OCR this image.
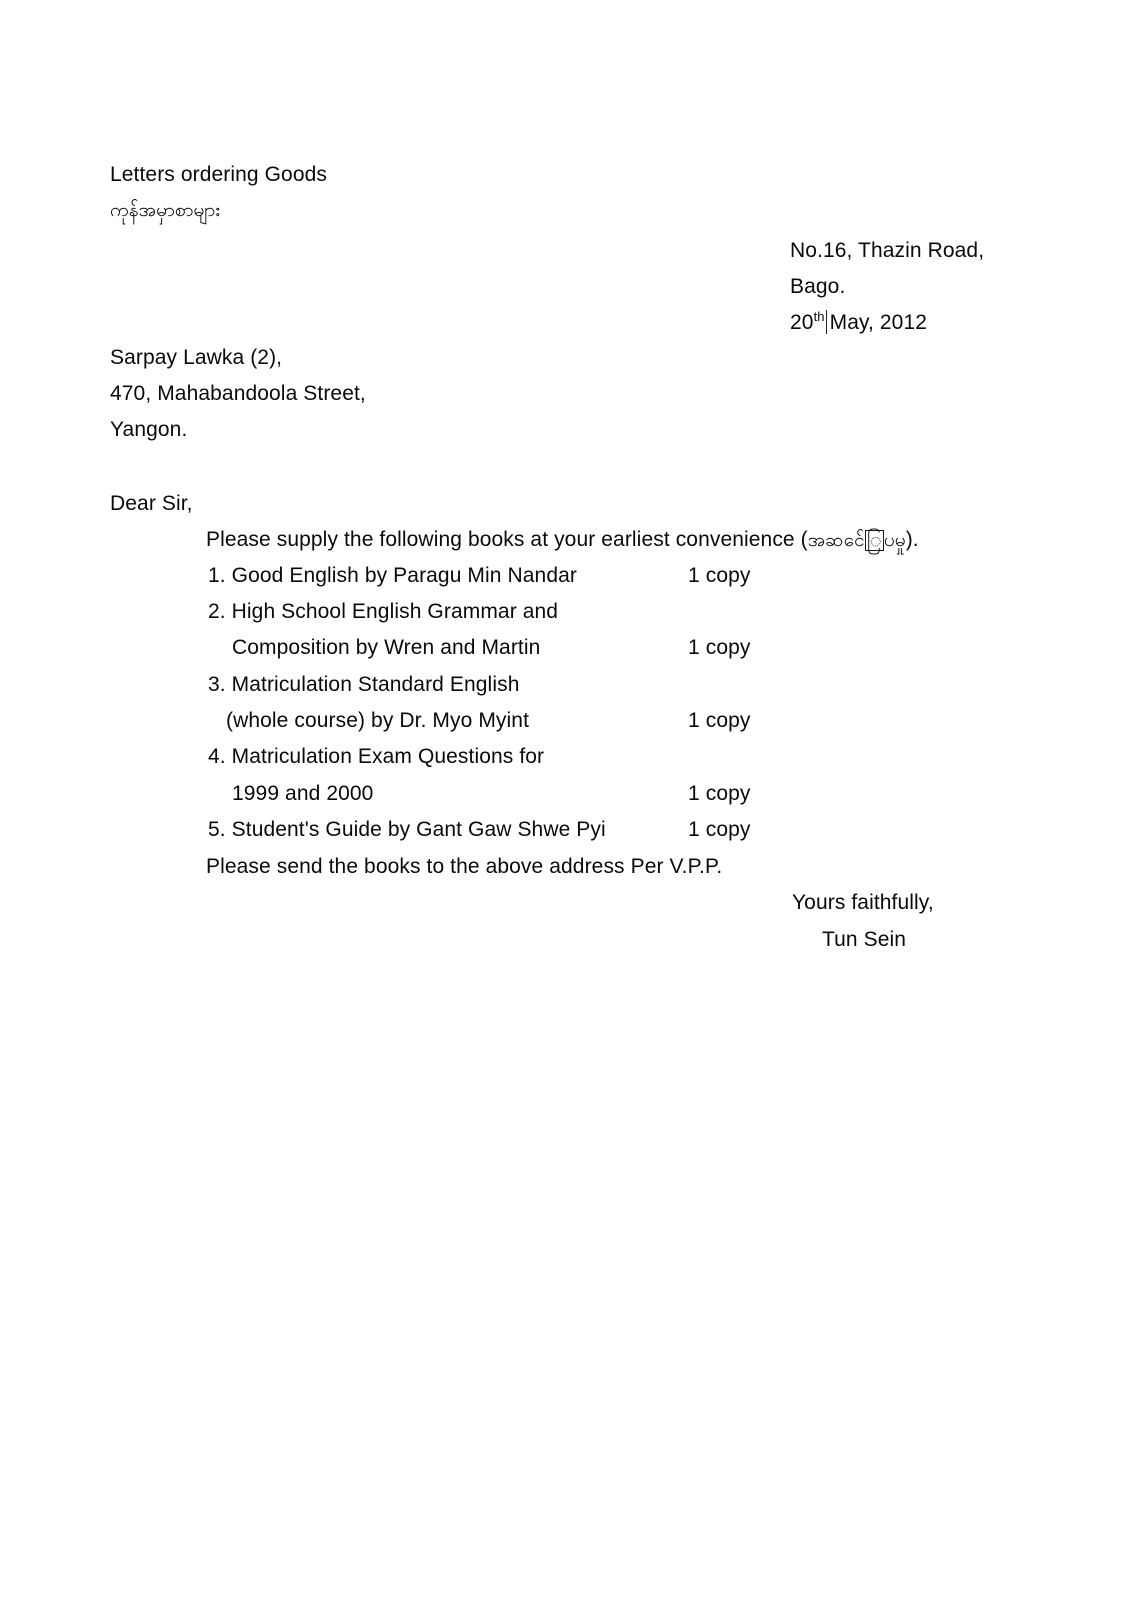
Letters ordering Goods
ကုန်အမှာစာများ
No.16, Thazin Road,
Bago.
20th May, 2012
Sarpay Lawka (2),
470, Mahabandoola Street,
Yangon.
Dear Sir,
Please supply the following books at your earliest convenience (အဆင်ေ ြ ပမှု).
1. Good English by Paragu Min Nandar	1 copy
2. High School English Grammar and
Composition by Wren and Martin	1 copy
3. Matriculation Standard English
(whole course) by Dr. Myo Myint	1 copy
4. Matriculation Exam Questions for
1999 and 2000	1 copy
5. Student's Guide by Gant Gaw Shwe Pyi	1 copy
Please send the books to the above address Per V.P.P.
Yours faithfully,
Tun Sein
